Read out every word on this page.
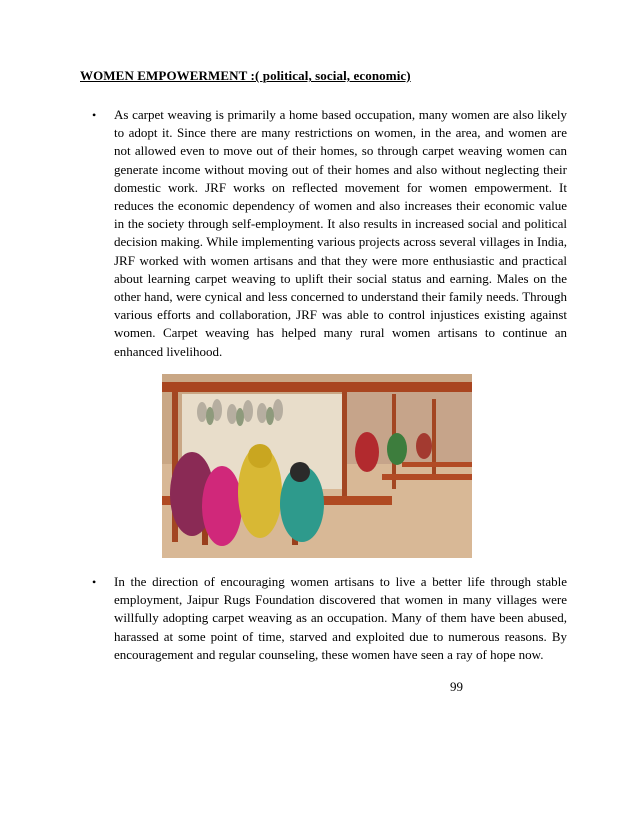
WOMEN EMPOWERMENT :( political, social, economic)
• As carpet weaving is primarily a home based occupation, many women are also likely to adopt it. Since there are many restrictions on women, in the area, and women are not allowed even to move out of their homes, so through carpet weaving women can generate income without moving out of their homes and also without neglecting their domestic work. JRF works on reflected movement for women empowerment. It reduces the economic dependency of women and also increases their economic value in the society through self-employment. It also results in increased social and political decision making. While implementing various projects across several villages in India, JRF worked with women artisans and that they were more enthusiastic and practical about learning carpet weaving to uplift their social status and earning. Males on the other hand, were cynical and less concerned to understand their family needs. Through various efforts and collaboration, JRF was able to control injustices existing against women. Carpet weaving has helped many rural women artisans to continue an enhanced livelihood.
• In the direction of encouraging women artisans to live a better life through stable employment, Jaipur Rugs Foundation discovered that women in many villages were willfully adopting carpet weaving as an occupation. Many of them have been abused, harassed at some point of time, starved and exploited due to numerous reasons. By encouragement and regular counseling, these women have seen a ray of hope now.
99
